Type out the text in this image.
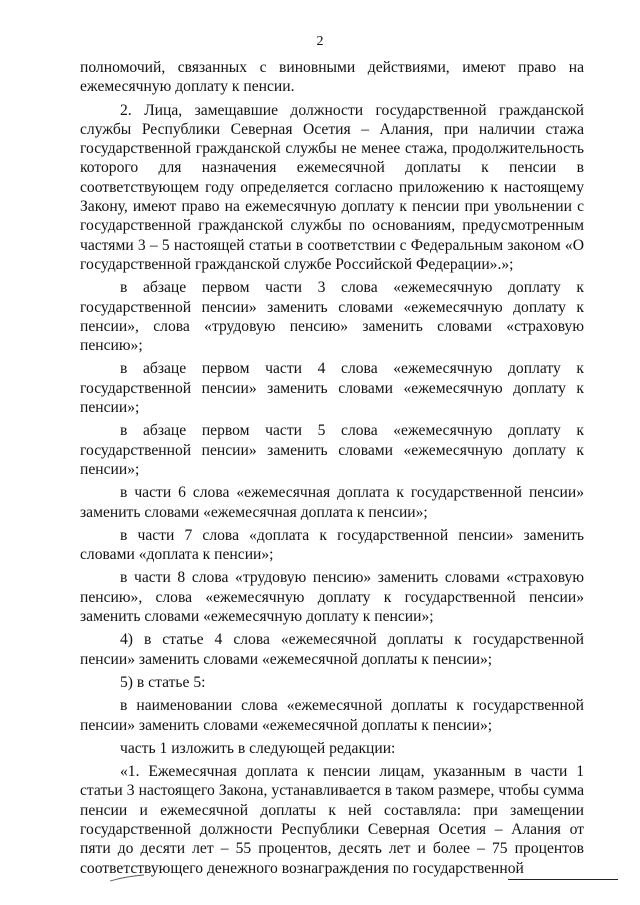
2

полномочий, связанных с виновными действиями, имеют право на ежемесячную доплату к пенсии.

2. Лица, замещавшие должности государственной гражданской службы Республики Северная Осетия – Алания, при наличии стажа государственной гражданской службы не менее стажа, продолжительность которого для назначения ежемесячной доплаты к пенсии в соответствующем году определяется согласно приложению к настоящему Закону, имеют право на ежемесячную доплату к пенсии при увольнении с государственной гражданской службы по основаниям, предусмотренным частями 3 – 5 настоящей статьи в соответствии с Федеральным законом «О государственной гражданской службе Российской Федерации».»;

в абзаце первом части 3 слова «ежемесячную доплату к государственной пенсии» заменить словами «ежемесячную доплату к пенсии», слова «трудовую пенсию» заменить словами «страховую пенсию»;

в абзаце первом части 4 слова «ежемесячную доплату к государственной пенсии» заменить словами «ежемесячную доплату к пенсии»;

в абзаце первом части 5 слова «ежемесячную доплату к государственной пенсии» заменить словами «ежемесячную доплату к пенсии»;

в части 6 слова «ежемесячная доплата к государственной пенсии» заменить словами «ежемесячная доплата к пенсии»;

в части 7 слова «доплата к государственной пенсии» заменить словами «доплата к пенсии»;

в части 8 слова «трудовую пенсию» заменить словами «страховую пенсию», слова «ежемесячную доплату к государственной пенсии» заменить словами «ежемесячную доплату к пенсии»;

4) в статье 4 слова «ежемесячной доплаты к государственной пенсии» заменить словами «ежемесячной доплаты к пенсии»;

5) в статье 5:

в наименовании слова «ежемесячной доплаты к государственной пенсии» заменить словами «ежемесячной доплаты к пенсии»;

часть 1 изложить в следующей редакции:

«1. Ежемесячная доплата к пенсии лицам, указанным в части 1 статьи 3 настоящего Закона, устанавливается в таком размере, чтобы сумма пенсии и ежемесячной доплаты к ней составляла: при замещении государственной должности Республики Северная Осетия – Алания от пяти до десяти лет – 55 процентов, десять лет и более – 75 процентов соответствующего денежного вознаграждения по государственной
